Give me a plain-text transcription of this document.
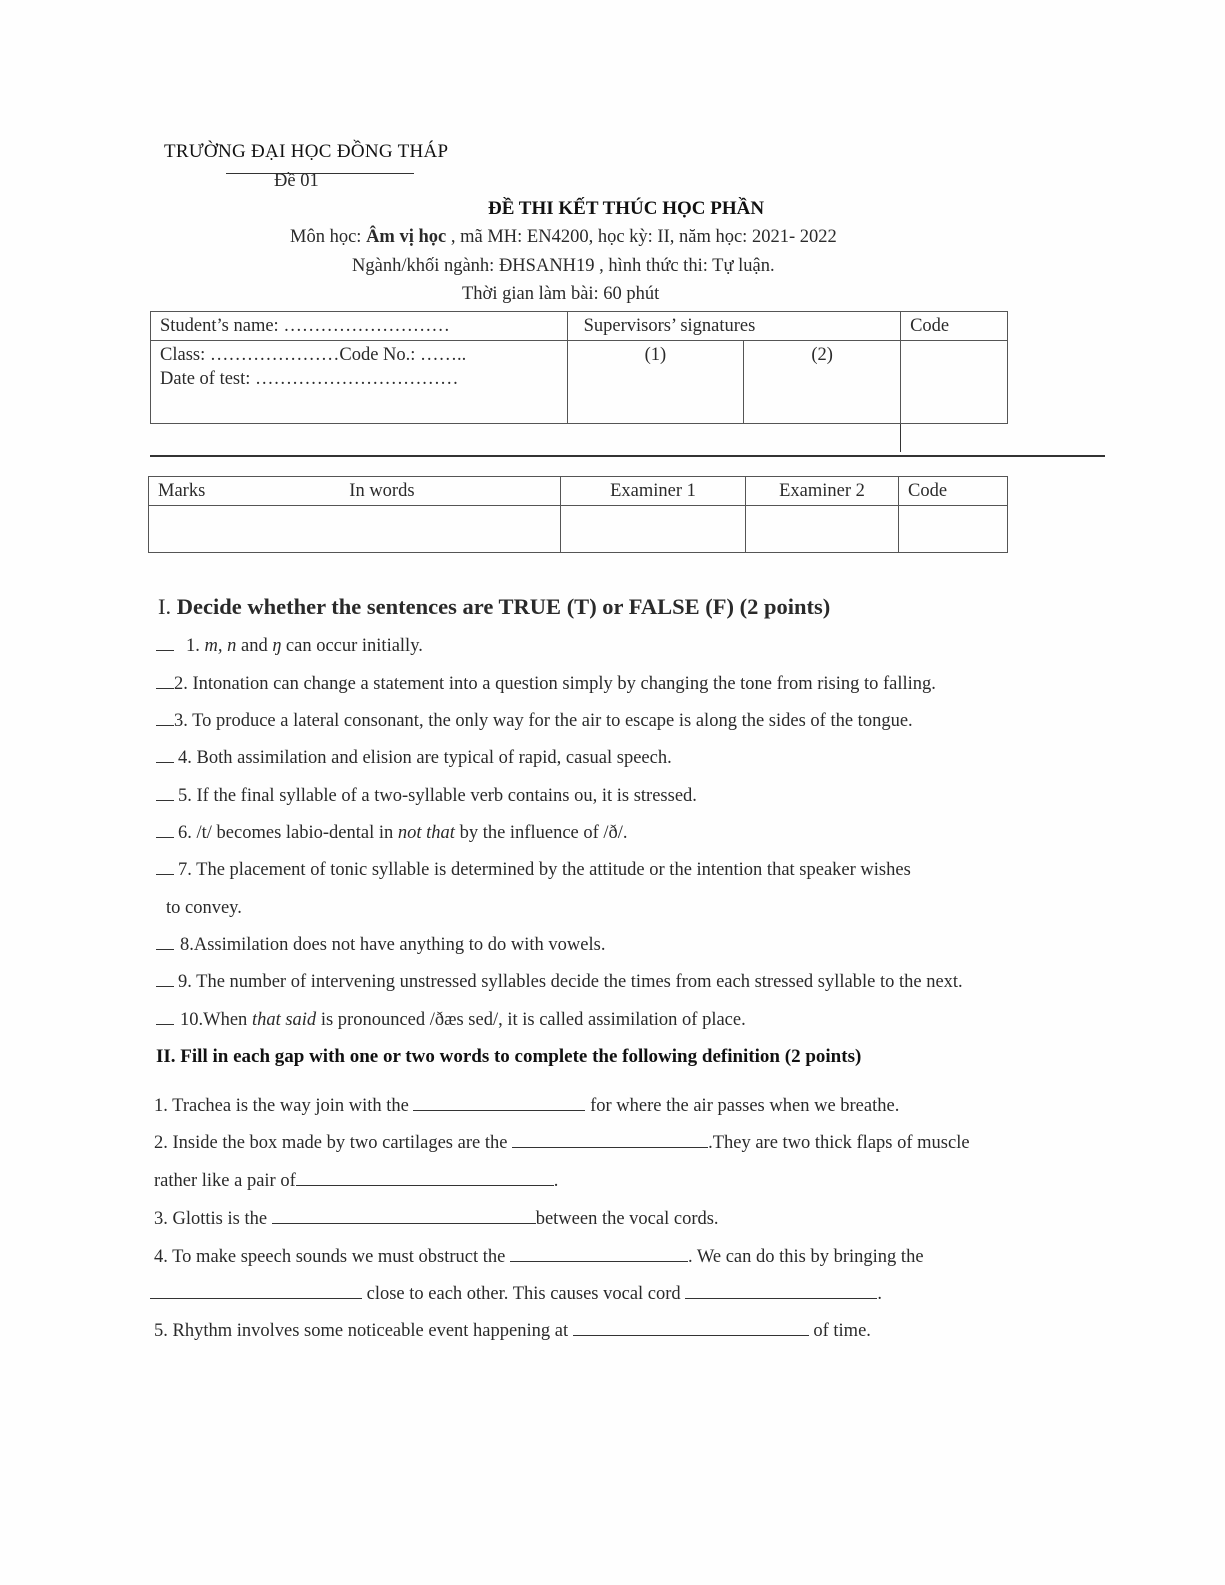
TRƯỜNG ĐẠI HỌC ĐỒNG THÁP
Đề 01
ĐỀ THI KẾT THÚC HỌC PHẦN
Môn học: Âm vị học , mã MH: EN4200, học kỳ: II, năm học: 2021- 2022
Ngành/khối ngành: ĐHSANH19 , hình thức thi: Tự luận.
Thời gian làm bài: 60 phút
Student’s name: ………………………	Supervisors’ signatures		Code

Class: …………………Code No.: ……..
Date of test: ……………………………	(1)	(2)	
Marks In words	Examiner 1	Examiner 2	Code

I. Decide whether the sentences are TRUE (T) or FALSE (F) (2 points)
1. m, n and ŋ can occur initially.
2. Intonation can change a statement into a question simply by changing the tone from rising to falling.
3. To produce a lateral consonant, the only way for the air to escape is along the sides of the tongue.
4. Both assimilation and elision are typical of rapid, casual speech.
5. If the final syllable of a two-syllable verb contains ou, it is stressed.
6. /t/ becomes labio-dental in not that by the influence of /ð/.
7. The placement of tonic syllable is determined by the attitude or the intention that speaker wishes
to convey.
8.Assimilation does not have anything to do with vowels.
9. The number of intervening unstressed syllables decide the times from each stressed syllable to the next.
10.When that said is pronounced /ðæs sed/, it is called assimilation of place.
II. Fill in each gap with one or two words to complete the following definition (2 points)
1. Trachea is the way join with the	for where the air passes when we breathe.
2. Inside the box made by two cartilages are the	.They are two thick flaps of muscle
rather like a pair of	.
3. Glottis is the	between the vocal cords.
4. To make speech sounds we must obstruct the	. We can do this by bringing the
close to each other. This causes vocal cord	.
5. Rhythm involves some noticeable event happening at	of time.
